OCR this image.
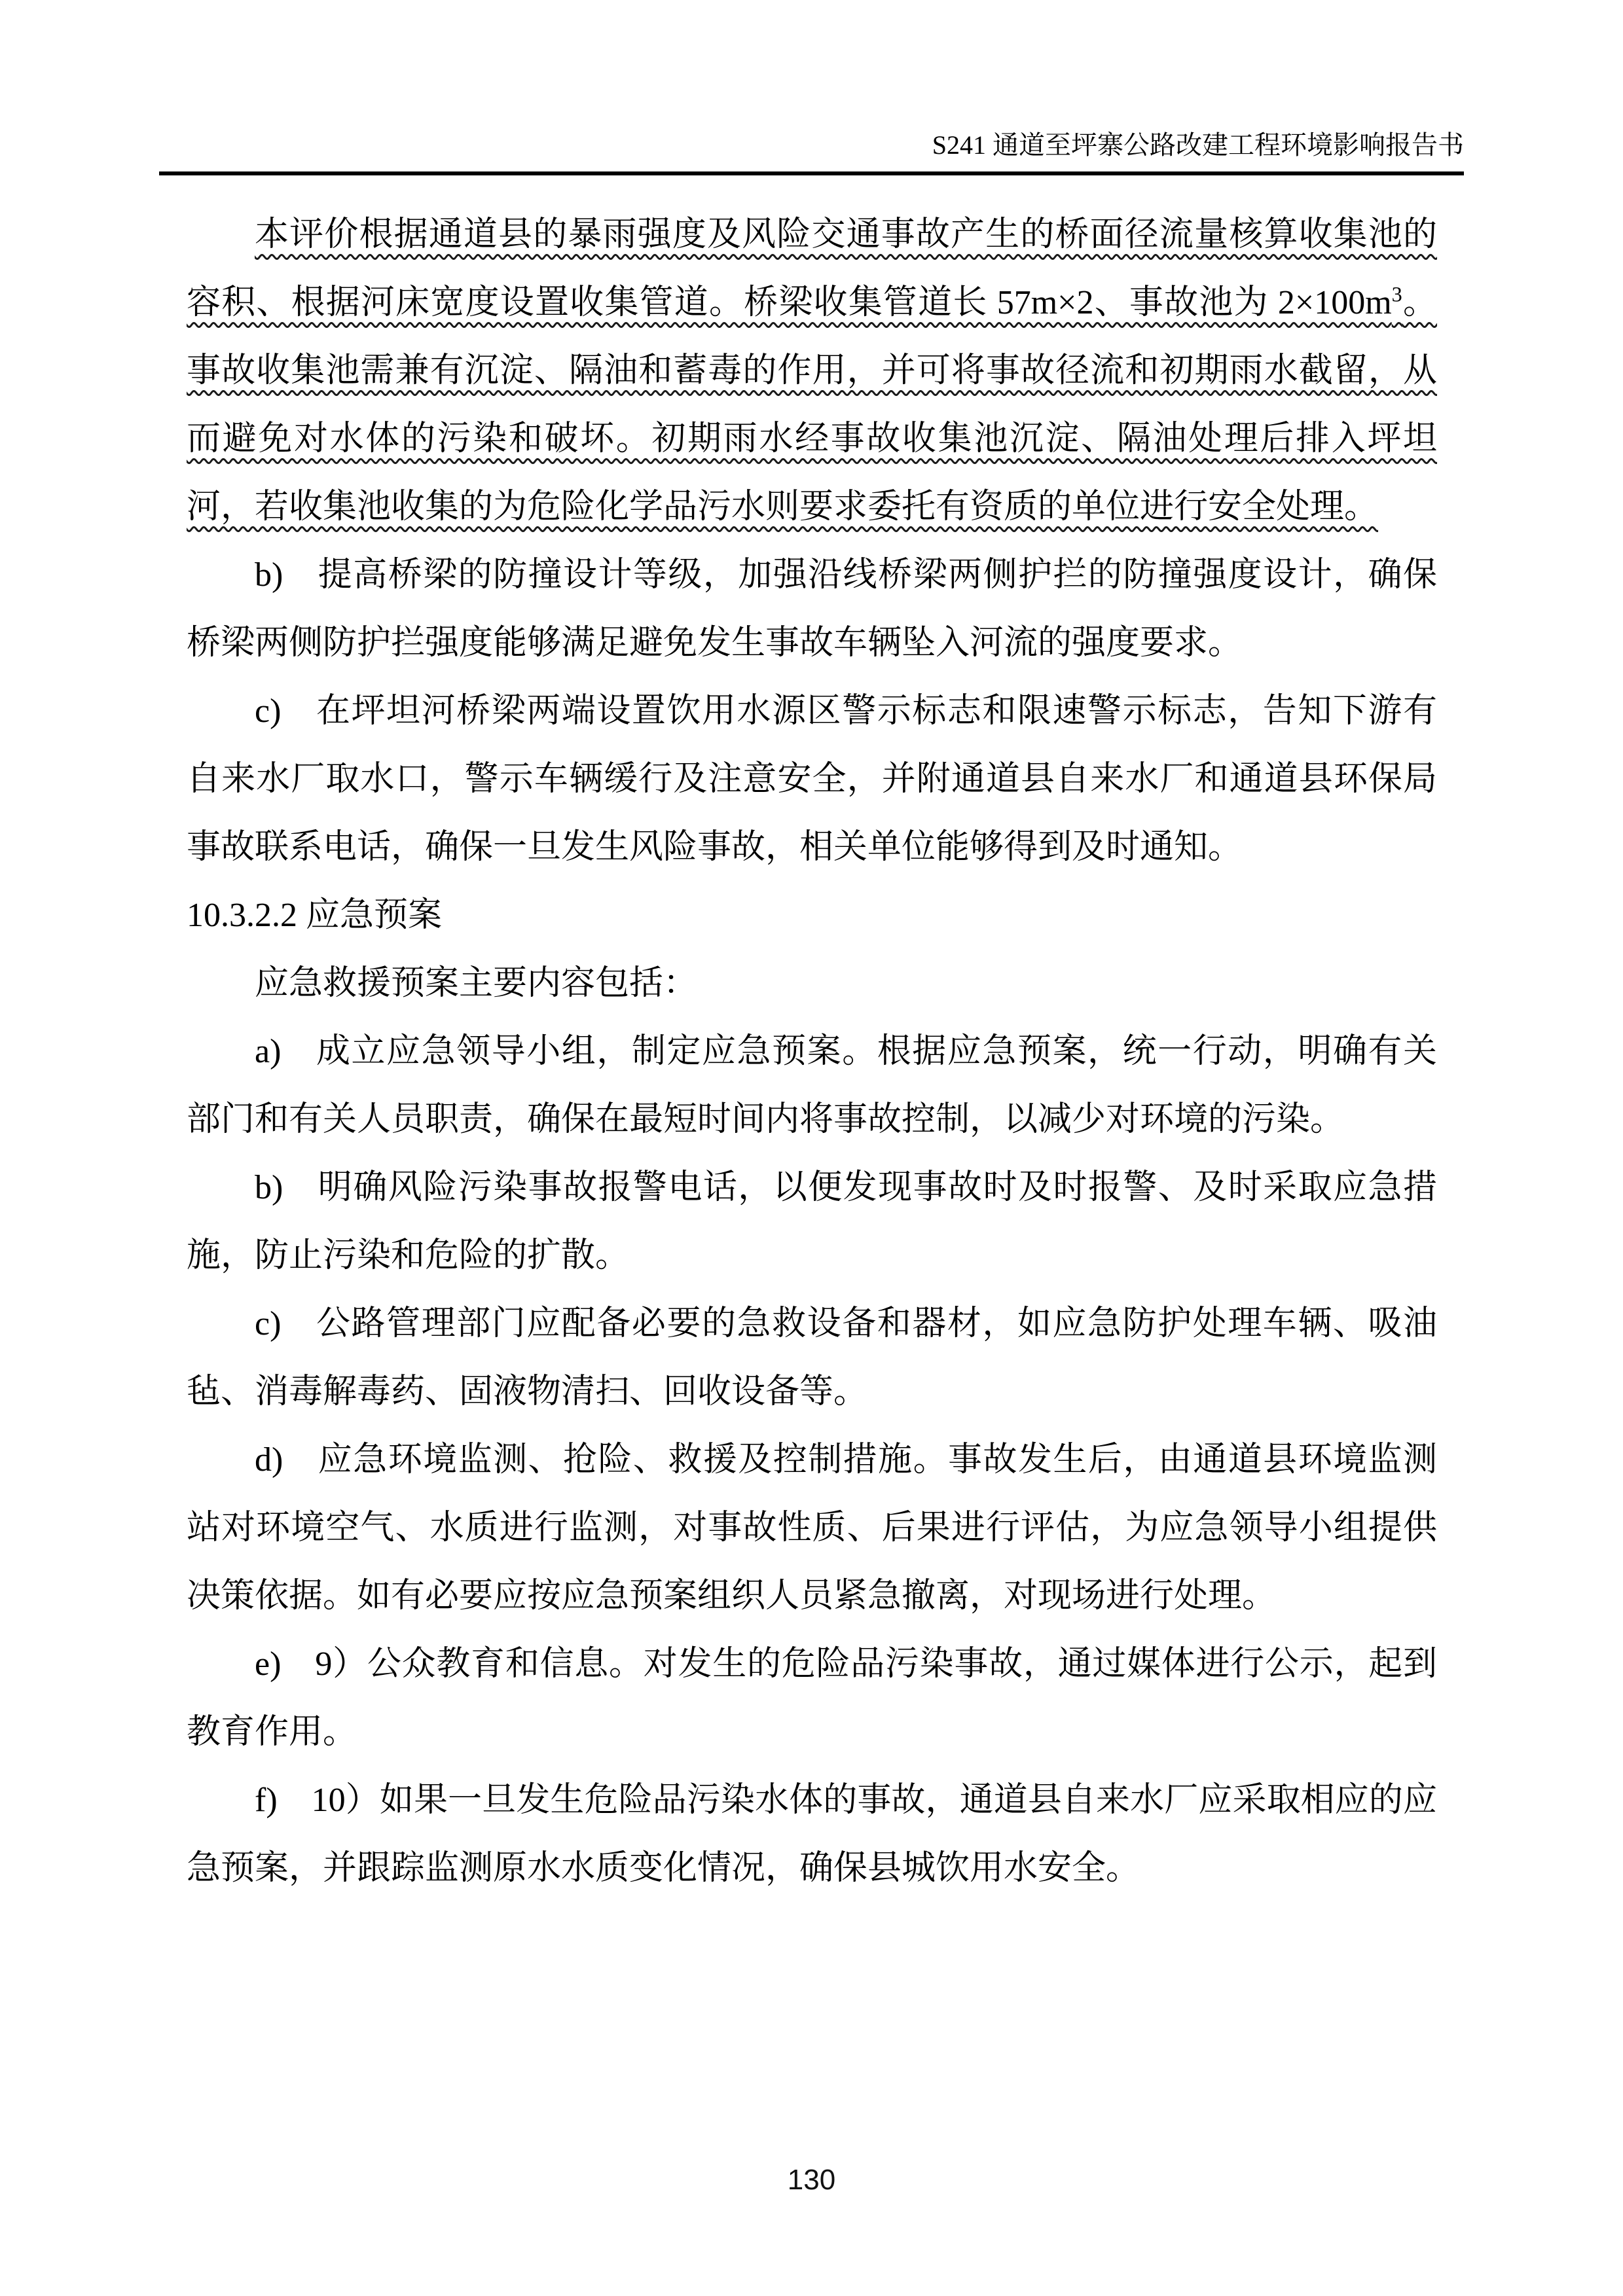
S241 通道至坪寨公路改建工程环境影响报告书

本评价根据通道县的暴雨强度及风险交通事故产生的桥面径流量核算收集池的容积、根据河床宽度设置收集管道。桥梁收集管道长 57m×2、事故池为 $2\times 100m^3$。事故收集池需兼有沉淀、隔油和蓄毒的作用，并可将事故径流和初期雨水截留，从而避免对水体的污染和破坏。初期雨水经事故收集池沉淀、隔油处理后排入坪坦河，若收集池收集的为危险化学品污水则要求委托有资质的单位进行安全处理。

b) 提高桥梁的防撞设计等级，加强沿线桥梁两侧护拦的防撞强度设计，确保桥梁两侧防护拦强度能够满足避免发生事故车辆坠入河流的强度要求。

c) 在坪坦河桥梁两端设置饮用水源区警示标志和限速警示标志，告知下游有自来水厂取水口，警示车辆缓行及注意安全，并附通道县自来水厂和通道县环保局事故联系电话，确保一旦发生风险事故，相关单位能够得到及时通知。

10.3.2.2 应急预案

应急救援预案主要内容包括：

a) 成立应急领导小组，制定应急预案。根据应急预案，统一行动，明确有关部门和有关人员职责，确保在最短时间内将事故控制，以减少对环境的污染。

b) 明确风险污染事故报警电话，以便发现事故时及时报警、及时采取应急措施，防止污染和危险的扩散。

c) 公路管理部门应配备必要的急救设备和器材，如应急防护处理车辆、吸油毡、消毒解毒药、固液物清扫、回收设备等。

d) 应急环境监测、抢险、救援及控制措施。事故发生后，由通道县环境监测站对环境空气、水质进行监测，对事故性质、后果进行评估，为应急领导小组提供决策依据。如有必要应按应急预案组织人员紧急撤离，对现场进行处理。

e) 9）公众教育和信息。对发生的危险品污染事故，通过媒体进行公示，起到教育作用。

f) 10）如果一旦发生危险品污染水体的事故，通道县自来水厂应采取相应的应急预案，并跟踪监测原水水质变化情况，确保县城饮用水安全。

130
